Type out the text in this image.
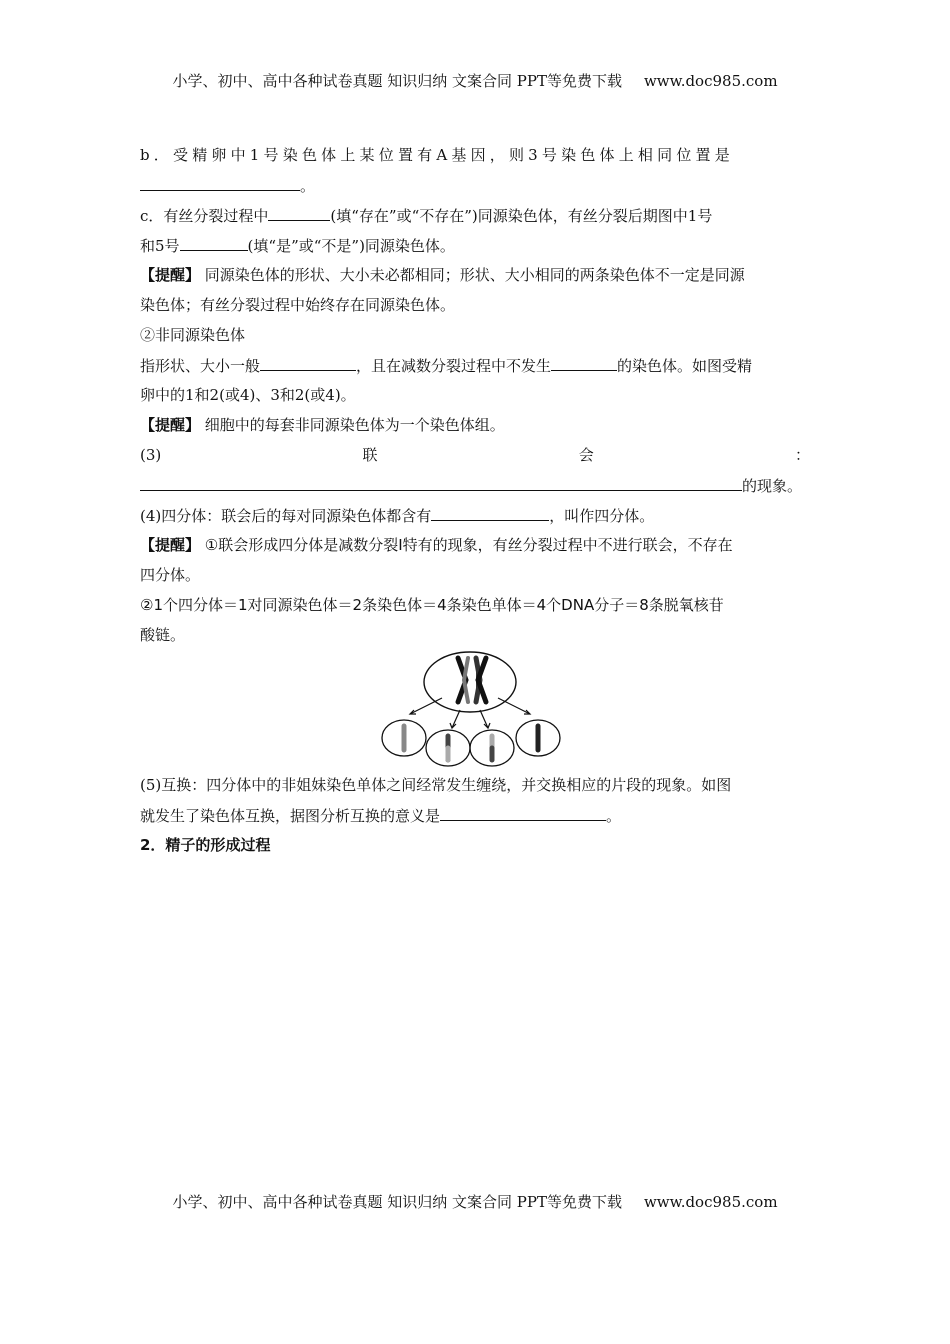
小学、初中、高中各种试卷真题 知识归纳 文案合同 PPT等免费下载 www.doc985.com
b．受精卵中1号染色体上某位置有A基因，则3号染色体上相同位置是
。
c．有丝分裂过程中	(填“存在”或“不存在”)同源染色体，有丝分裂后期图中1号
和5号	(填“是”或“不是”)同源染色体。
【提醒】 同源染色体的形状、大小未必都相同；形状、大小相同的两条染色体不一定是同源
染色体；有丝分裂过程中始终存在同源染色体。
②非同源染色体
指形状、大小一般	，且在减数分裂过程中不发生	的染色体。如图受精
卵中的1和2(或4)、3和2(或4)。
【提醒】 细胞中的每套非同源染色体为一个染色体组。
(3)	联	会	：
的现象。
(4)四分体：联会后的每对同源染色体都含有	，叫作四分体。
【提醒】 ①联会形成四分体是减数分裂Ⅰ特有的现象，有丝分裂过程中不进行联会，不存在
四分体。
②1个四分体＝1对同源染色体＝2条染色体＝4条染色单体＝4个DNA分子＝8条脱氧核苷
酸链。
(5)互换：四分体中的非姐妹染色单体之间经常发生缠绕，并交换相应的片段的现象。如图
就发生了染色体互换，据图分析互换的意义是	。
2．精子的形成过程
小学、初中、高中各种试卷真题 知识归纳 文案合同 PPT等免费下载 www.doc985.com
